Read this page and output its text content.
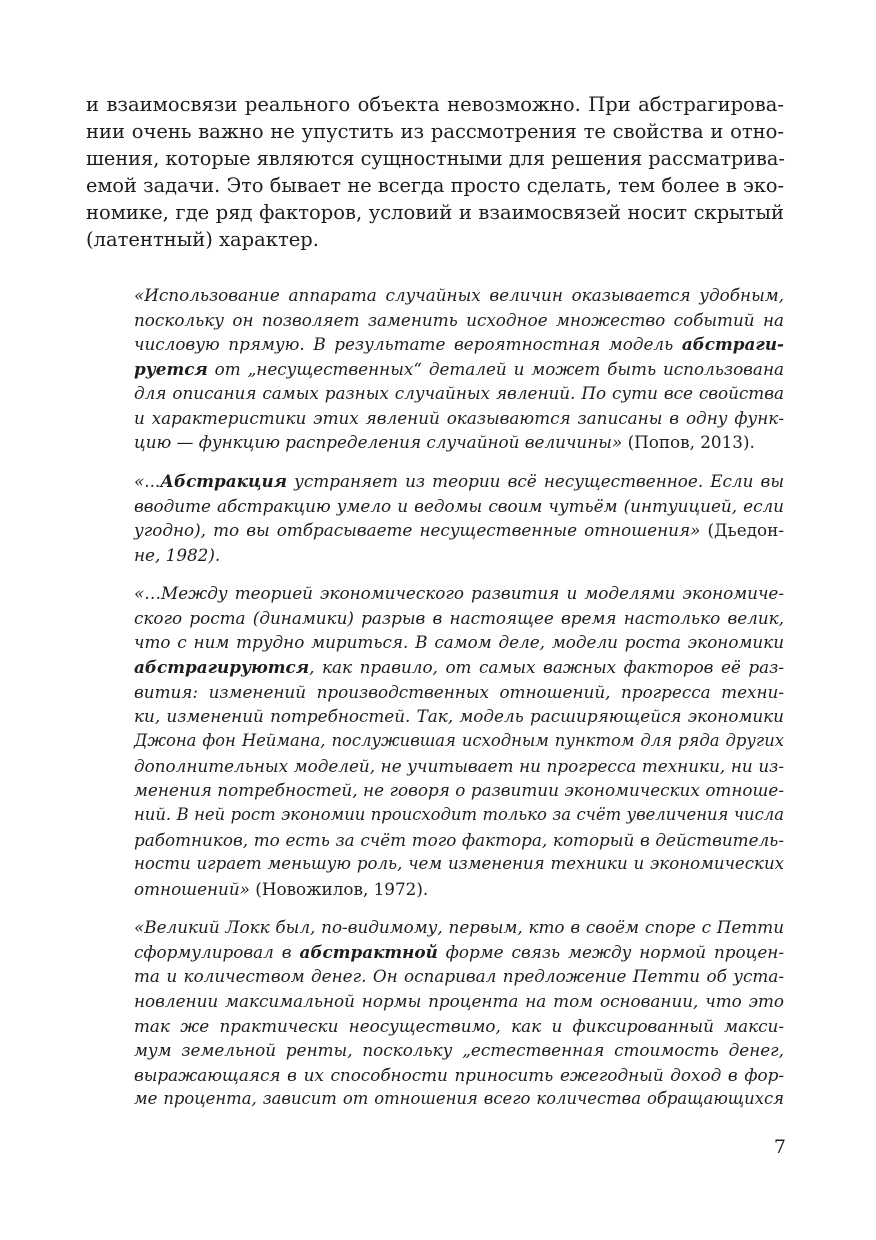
и взаимосвязи реального объекта невозможно. При абстрагирова-
нии очень важно не упустить из рассмотрения те свойства и отно-
шения, которые являются сущностными для решения рассматрива-
емой задачи. Это бывает не всегда просто сделать, тем более в эко-
номике, где ряд факторов, условий и взаимосвязей носит скрытый
(латентный) характер.
«Использование аппарата случайных величин оказывается удобным,
поскольку он позволяет заменить исходное множество событий на
числовую прямую. В результате вероятностная модель абстраги-
руется от „несущественных“ деталей и может быть использована
для описания самых разных случайных явлений. По сути все свойства
и характеристики этих явлений оказываются записаны в одну функ-
цию — функцию распределения случайной величины» (Попов, 2013).
«...Абстракция устраняет из теории всё несущественное. Если вы
вводите абстракцию умело и ведомы своим чутьём (интуицией, если
угодно), то вы отбрасываете несущественные отношения» (Дьедон-
не, 1982).
«…Между теорией экономического развития и моделями экономиче-
ского роста (динамики) разрыв в настоящее время настолько велик,
что с ним трудно мириться. В самом деле, модели роста экономики
абстрагируются, как правило, от самых важных факторов её раз-
вития: изменений производственных отношений, прогресса техни-
ки, изменений потребностей. Так, модель расширяющейся экономики
Джона фон Неймана, послужившая исходным пунктом для ряда других
дополнительных моделей, не учитывает ни прогресса техники, ни из-
менения потребностей, не говоря о развитии экономических отноше-
ний. В ней рост экономии происходит только за счёт увеличения числа
работников, то есть за счёт того фактора, который в действитель-
ности играет меньшую роль, чем изменения техники и экономических
отношений» (Новожилов, 1972).
«Великий Локк был, по-видимому, первым, кто в своём споре с Петти
сформулировал в абстрактной форме связь между нормой процен-
та и количеством денег. Он оспаривал предложение Петти об уста-
новлении максимальной нормы процента на том основании, что это
так же практически неосуществимо, как и фиксированный макси-
мум земельной ренты, поскольку „естественная стоимость денег,
выражающаяся в их способности приносить ежегодный доход в фор-
ме процента, зависит от отношения всего количества обращающихся
7
